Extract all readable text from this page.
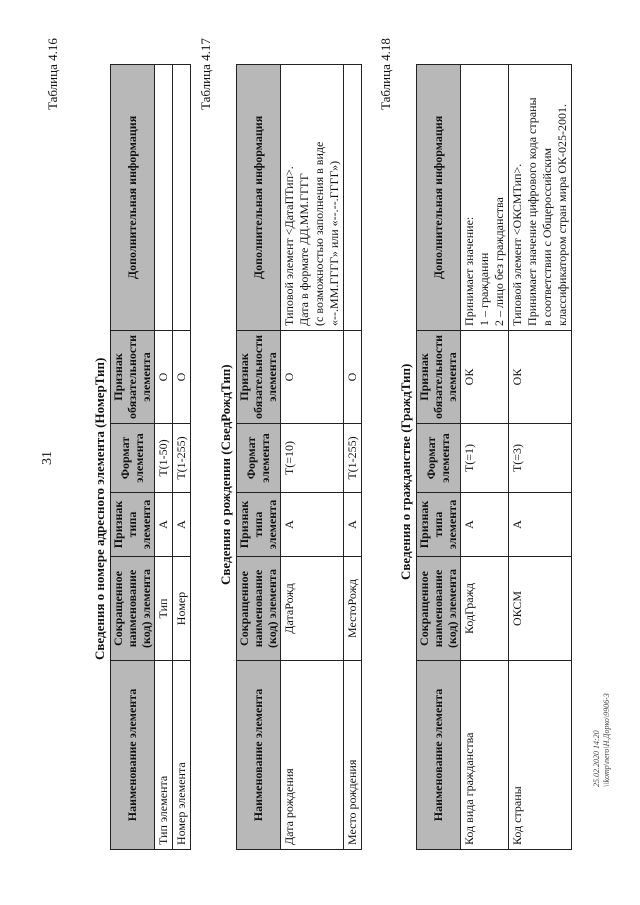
31
Таблица 4.16
Сведения о номере адресного элемента (НомерТип)
Наименование элемента	Сокращенное наименование (код) элемента	Признак типа элемента	Формат элемента	Признак обязательности элемента	Дополнительная информация
Тип элемента	Тип	А	Т(1-50)	О	
Номер элемента	Номер	А	Т(1-255)	О	
Таблица 4.17
Сведения о рождении (СведРождТип)
Наименование элемента	Сокращенное наименование (код) элемента	Признак типа элемента	Формат элемента	Признак обязательности элемента	Дополнительная информация
Дата рождения	ДатаРожд	А	Т(=10)	О	Типовой элемент <ДатаПТип>. Дата в формате ДД.ММ.ГГГГ (с возможностью заполнения в виде «--.ММ.ГГГГ» или «--.--.ГГГГ»)

Место рождения	МестоРожд	А	Т(1-255)	О	
Таблица 4.18
Сведения о гражданстве (ГраждТип)
Наименование элемента	Сокращенное наименование (код) элемента	Признак типа элемента	Формат элемента	Признак обязательности элемента	Дополнительная информация
Код вида гражданства	КодГражд	А	Т(=1)	ОК	Принимает значение: 1 – гражданин 2 – лицо без гражданства

Код страны	ОКСМ	А	Т(=3)	ОК	Типовой элемент <ОКСМТип>. Принимает значение цифрового кода страны в соответствии с Общероссийским классификатором стран мира ОК-025-2001.
25.02.2020 14:20 \\komp\nero\Н.Дорко\9906-3
